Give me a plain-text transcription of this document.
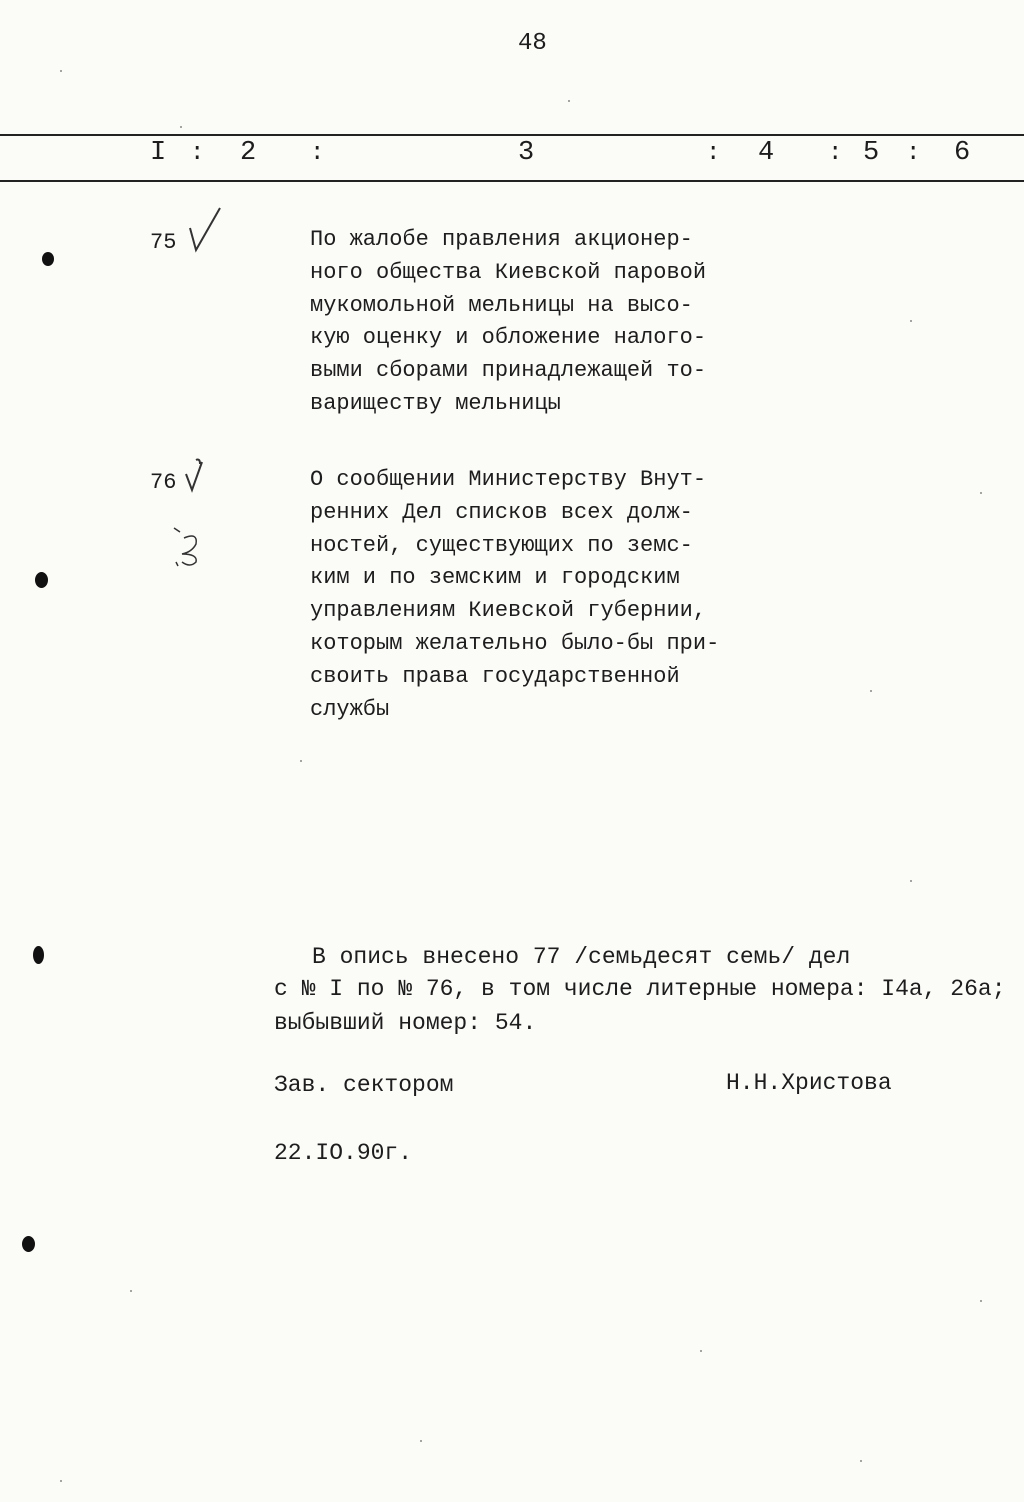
48
I : 2 :	3	: 4 : 5 : 6
75	По жалобе правления акционер-
ного общества Киевской паровой
мукомольной мельницы на высо-
кую оценку и обложение налого-
выми сборами принадлежащей то-
вариществу мельницы
76	О сообщении Министерству Внут-
ренних Дел списков всех долж-
ностей, существующих по земс-
ким и по земским и городским
управлениям Киевской губернии,
которым желательно было-бы при-
своить права государственной
службы
В опись внесено 77 /семьдесят семь/ дел
с № I по № 76, в том числе литерные номера: I4а, 26а;
выбывший номер: 54.
Зав. сектором	Н.Н.Христова
22.IO.90г.
